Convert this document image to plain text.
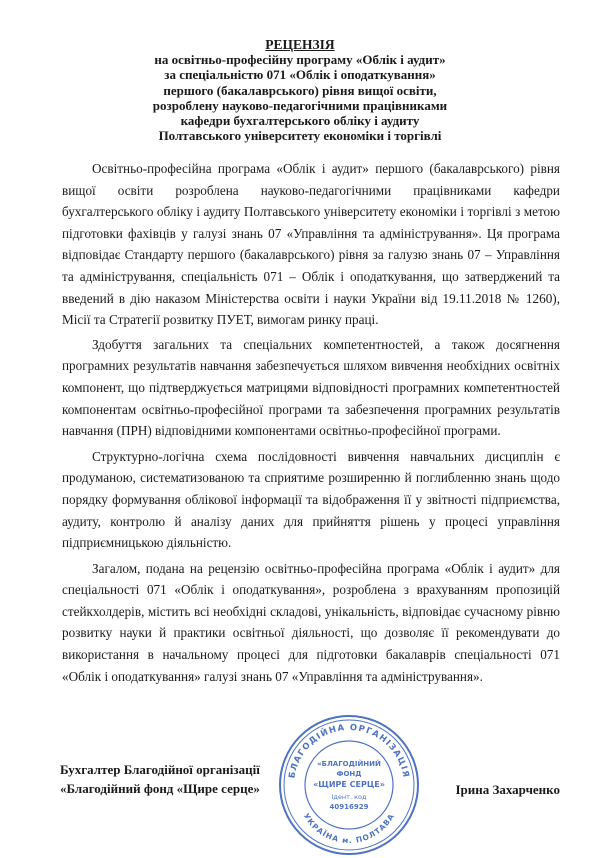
РЕЦЕНЗІЯ
на освітньо-професійну програму «Облік і аудит»
за спеціальністю 071 «Облік і оподаткування»
першого (бакалаврського) рівня вищої освіти,
розроблену науково-педагогічними працівниками
кафедри бухгалтерського обліку і аудиту
Полтавського університету економіки і торгівлі

Освітньо-професійна програма «Облік і аудит» першого (бакалаврського) рівня вищої освіти розроблена науково-педагогічними працівниками кафедри бухгалтерського обліку і аудиту Полтавського університету економіки і торгівлі з метою підготовки фахівців у галузі знань 07 «Управління та адміністрування». Ця програма відповідає Стандарту першого (бакалаврського) рівня за галузю знань 07 – Управління та адміністрування, спеціальність 071 – Облік і оподаткування, що затверджений та введений в дію наказом Міністерства освіти і науки України від 19.11.2018 № 1260), Місії та Стратегії розвитку ПУЕТ, вимогам ринку праці.

Здобуття загальних та спеціальних компетентностей, а також досягнення програмних результатів навчання забезпечується шляхом вивчення необхідних освітніх компонент, що підтверджується матрицями відповідності програмних компетентностей компонентам освітньо-професійної програми та забезпечення програмних результатів навчання (ПРН) відповідними компонентами освітньо-професійної програми.

Структурно-логічна схема послідовності вивчення навчальних дисциплін є продуманою, систематизованою та сприятиме розширенню й поглибленню знань щодо порядку формування облікової інформації та відображення її у звітності підприємства, аудиту, контролю й аналізу даних для прийняття рішень у процесі управління підприємницькою діяльністю.

Загалом, подана на рецензію освітньо-професійна програма «Облік і аудит» для спеціальності 071 «Облік і оподаткування», розроблена з врахуванням пропозицій стейкхолдерів, містить всі необхідні складові, унікальність, відповідає сучасному рівню розвитку науки й практики освітньої діяльності, що дозволяє її рекомендувати до використання в начальному процесі для підготовки бакалаврів спеціальності 071 «Облік і оподаткування» галузі знань 07 «Управління та адміністрування».

БЛАГОДІЙНА ОРГАНІЗАЦІЯ
УКРАЇНА м. ПОЛТАВА
«БЛАГОДІЙНИЙ
ФОНД
«ЩИРЕ СЕРЦЕ»
Ідент. код
40916929
Бухгалтер Благодійної організації
«Благодійний фонд «Щире серце»	Ірина Захарченко
